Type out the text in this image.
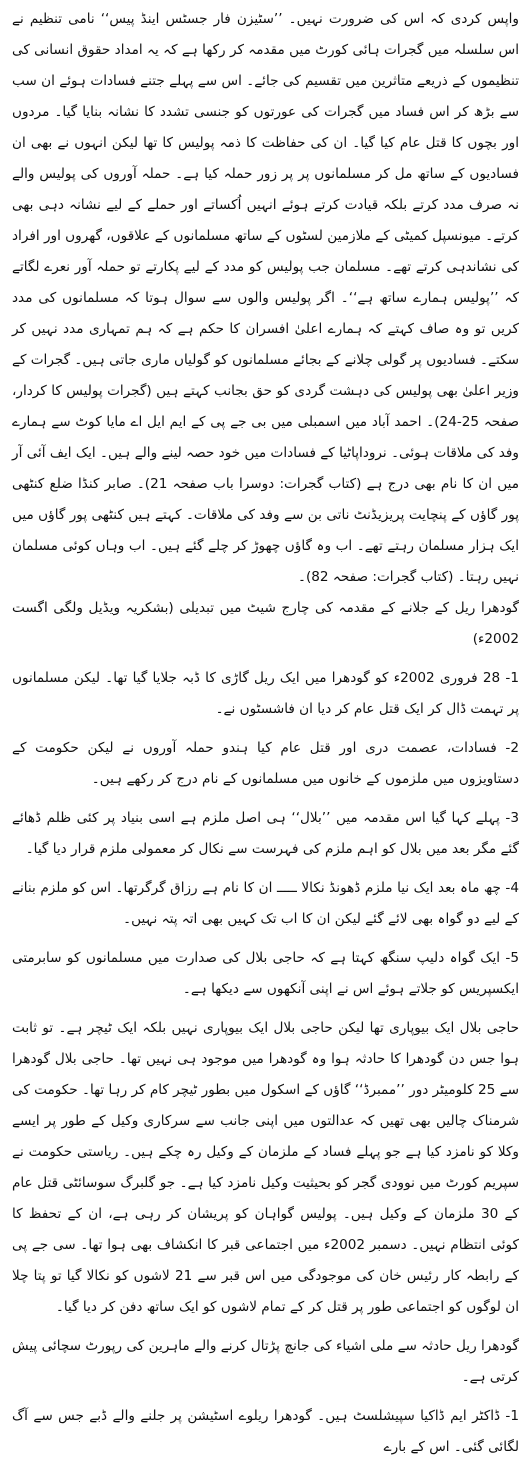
واپس کردی کہ اس کی ضرورت نہیں۔ ’’سٹیزن فار جسٹس اینڈ پیس‘‘ نامی تنظیم نے اس سلسلہ میں گجرات ہائی کورٹ میں مقدمہ کر رکھا ہے کہ یہ امداد حقوق انسانی کی تنظیموں کے ذریعے متاثرین میں تقسیم کی جائے۔ اس سے پہلے جتنے فسادات ہوئے ان سب سے بڑھ کر اس فساد میں گجرات کی عورتوں کو جنسی تشدد کا نشانہ بنایا گیا۔ مردوں اور بچوں کا قتل عام کیا گیا۔ ان کی حفاظت کا ذمہ پولیس کا تھا لیکن انہوں نے بھی ان فسادیوں کے ساتھ مل کر مسلمانوں پر پر زور حملہ کیا ہے۔ حملہ آوروں کی پولیس والے نہ صرف مدد کرتے بلکہ قیادت کرتے ہوئے انہیں اُکساتے اور حملے کے لیے نشانہ دہی بھی کرتے۔ میونسپل کمیٹی کے ملازمین لسٹوں کے ساتھ مسلمانوں کے علاقوں، گھروں اور افراد کی نشاندہی کرتے تھے۔ مسلمان جب پولیس کو مدد کے لیے پکارتے تو حملہ آور نعرے لگاتے کہ ’’پولیس ہمارے ساتھ ہے‘‘۔ اگر پولیس والوں سے سوال ہوتا کہ مسلمانوں کی مدد کریں تو وہ صاف کہتے کہ ہمارے اعلیٰ افسران کا حکم ہے کہ ہم تمہاری مدد نہیں کر سکتے۔ فسادیوں پر گولی چلانے کے بجائے مسلمانوں کو گولیاں ماری جاتی ہیں۔ گجرات کے وزیر اعلیٰ بھی پولیس کی دہشت گردی کو حق بجانب کہتے ہیں (گجرات پولیس کا کردار، صفحہ 25-24)۔ احمد آباد میں اسمبلی میں بی جے پی کے ایم ایل اے مایا کوٹ سے ہمارے وفد کی ملاقات ہوئی۔ نروداپاٹیا کے فسادات میں خود حصہ لینے والے ہیں۔ ایک ایف آئی آر میں ان کا نام بھی درج ہے (کتاب گجرات: دوسرا باب صفحہ 21)۔ صابر کنڈا ضلع کنٹھی پور گاؤں کے پنچایت پریزیڈنٹ ناتی بن سے وفد کی ملاقات۔ کہتے ہیں کنٹھی پور گاؤں میں ایک ہزار مسلمان رہتے تھے۔ اب وہ گاؤں چھوڑ کر چلے گئے ہیں۔ اب وہاں کوئی مسلمان نہیں رہتا۔ (کتاب گجرات: صفحہ 82)۔

گودھرا ریل کے جلانے کے مقدمہ کی چارج شیٹ میں تبدیلی (بشکریہ ویڈیل ولگی اگست 2002ء)

1- 28 فروری 2002ء کو گودھرا میں ایک ریل گاڑی کا ڈبہ جلایا گیا تھا۔ لیکن مسلمانوں پر تہمت ڈال کر ایک قتل عام کر دیا ان فاشسٹوں نے۔

2- فسادات، عصمت دری اور قتل عام کیا ہندو حملہ آوروں نے لیکن حکومت کے دستاویزوں میں ملزموں کے خانوں میں مسلمانوں کے نام درج کر رکھے ہیں۔

3- پہلے کہا گیا اس مقدمہ میں ’’بلال‘‘ ہی اصل ملزم ہے اسی بنیاد پر کئی ظلم ڈھائے گئے مگر بعد میں بلال کو اہم ملزم کی فہرست سے نکال کر معمولی ملزم قرار دیا گیا۔

4- چھ ماہ بعد ایک نیا ملزم ڈھونڈ نکالا ـــــ ان کا نام ہے رزاق گرگرتھا۔ اس کو ملزم بنانے کے لیے دو گواہ بھی لائے گئے لیکن ان کا اب تک کہیں بھی اتہ پتہ نہیں۔

5- ایک گواہ دلیپ سنگھ کہتا ہے کہ حاجی بلال کی صدارت میں مسلمانوں کو سابرمتی ایکسپریس کو جلاتے ہوئے اس نے اپنی آنکھوں سے دیکھا ہے۔

حاجی بلال ایک بیوپاری تھا لیکن حاجی بلال ایک بیوپاری نہیں بلکہ ایک ٹیچر ہے۔ تو ثابت ہوا جس دن گودھرا کا حادثہ ہوا وہ گودھرا میں موجود ہی نہیں تھا۔ حاجی بلال گودھرا سے 25 کلومیٹر دور ’’ممبرڈ‘‘ گاؤں کے اسکول میں بطور ٹیچر کام کر رہا تھا۔ حکومت کی شرمناک چالیں بھی تھیں کہ عدالتوں میں اپنی جانب سے سرکاری وکیل کے طور پر ایسے وکلا کو نامزد کیا ہے جو پہلے فساد کے ملزمان کے وکیل رہ چکے ہیں۔ ریاستی حکومت نے سپریم کورٹ میں نوودی گجر کو بحیثیت وکیل نامزد کیا ہے۔ جو گلبرگ سوسائٹی قتل عام کے 30 ملزمان کے وکیل ہیں۔ پولیس گواہان کو پریشان کر رہی ہے، ان کے تحفظ کا کوئی انتظام نہیں۔ دسمبر 2002ء میں اجتماعی قبر کا انکشاف بھی ہوا تھا۔ سی جے پی کے رابطہ کار رئیس خان کی موجودگی میں اس قبر سے 21 لاشوں کو نکالا گیا تو پتا چلا ان لوگوں کو اجتماعی طور پر قتل کر کے تمام لاشوں کو ایک ساتھ دفن کر دیا گیا۔

گودھرا ریل حادثہ سے ملی اشیاء کی جانچ پڑتال کرنے والے ماہرین کی رپورٹ سچائی پیش کرتی ہے۔

1- ڈاکٹر ایم ڈاکیا سپیشلسٹ ہیں۔ گودھرا ریلوے اسٹیشن پر جلنے والے ڈبے جس سے آگ لگائی گئی۔ اس کے بارے
